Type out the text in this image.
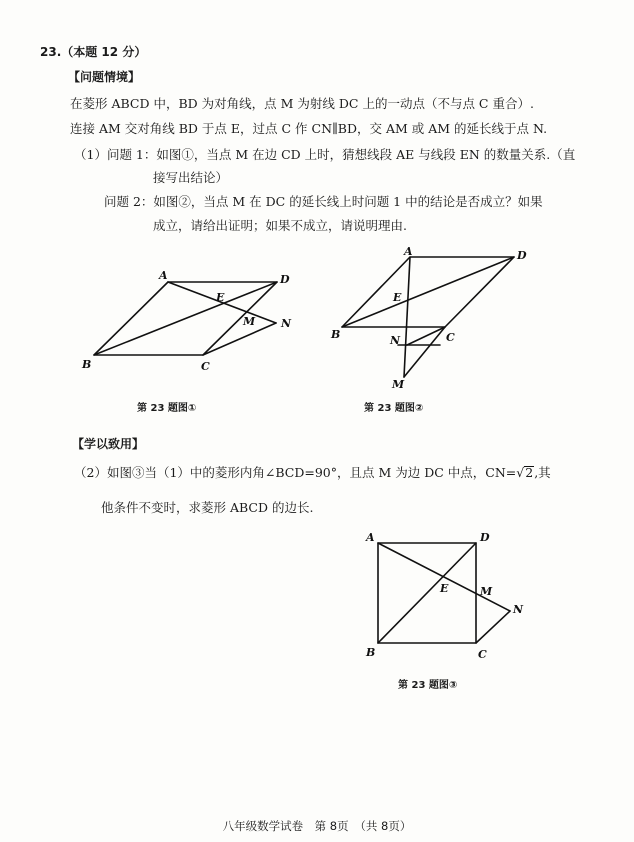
23.（本题 12 分）
【问题情境】
在菱形 ABCD 中，BD 为对角线，点 M 为射线 DC 上的一动点（不与点 C 重合）.
连接 AM 交对角线 BD 于点 E，过点 C 作 CN∥BD，交 AM 或 AM 的延长线于点 N.
（1）问题 1：如图①，当点 M 在边 CD 上时，猜想线段 AE 与线段 EN 的数量关系.（直
接写出结论）
问题 2：如图②，当点 M 在 DC 的延长线上时问题 1 中的结论是否成立？如果
成立，请给出证明；如果不成立，请说明理由.
A	D
E
M N
B	C
第 23 题图①
A	D
E
B	C
N
M
第 23 题图②
【学以致用】
（2）如图③当（1）中的菱形内角∠BCD=90°，且点 M 为边 DC 中点，CN=√2,其
他条件不变时，求菱形 ABCD 的边长.
A	D
E	M
N
B	C
第 23 题图③
八年级数学试卷　第 8页　（共 8页）
